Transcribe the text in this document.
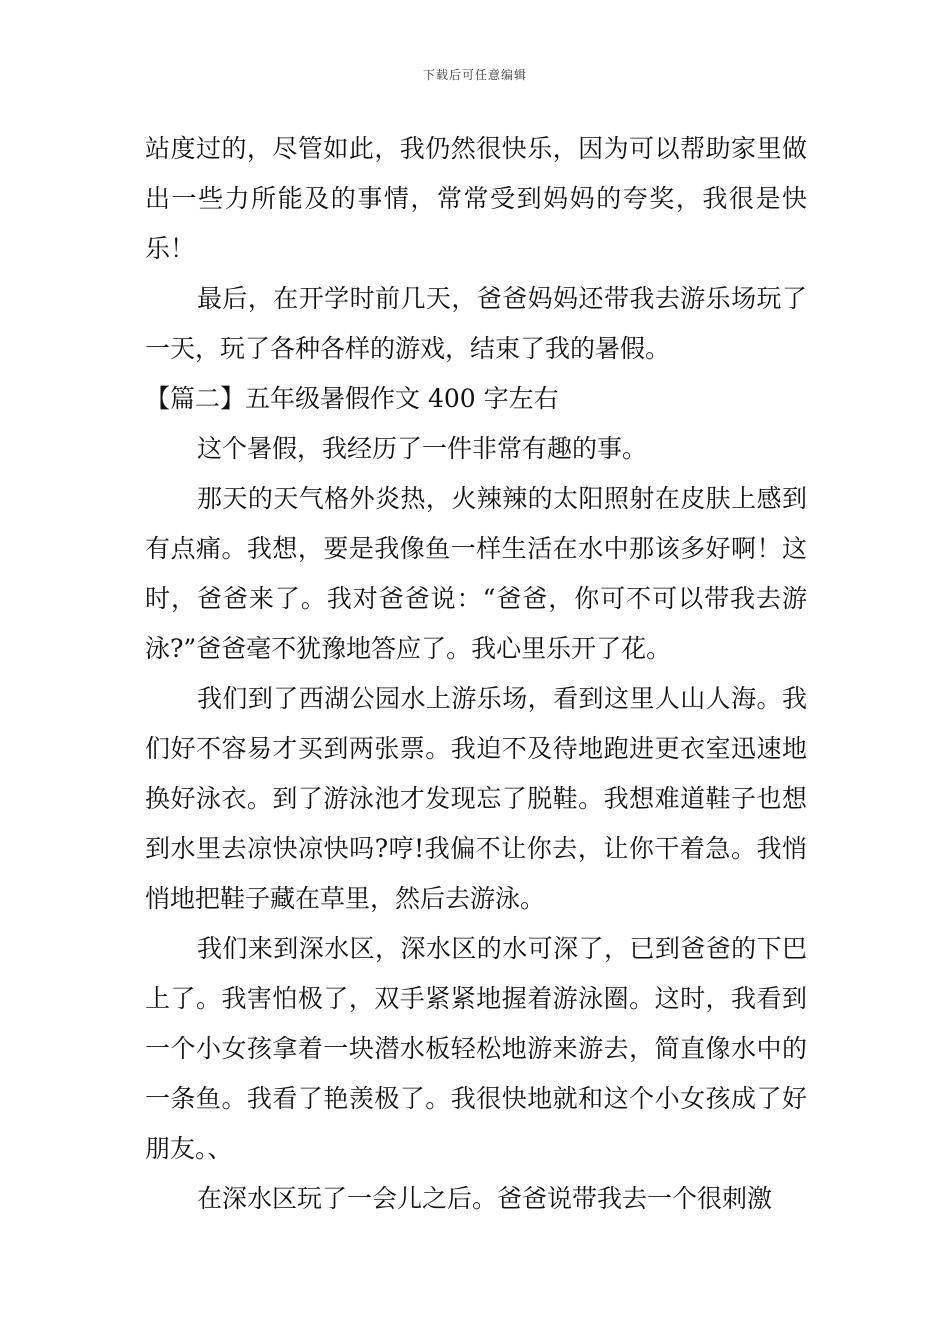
下载后可任意编辑

站度过的，尽管如此，我仍然很快乐，因为可以帮助家里做出一些力所能及的事情，常常受到妈妈的夸奖，我很是快乐！

最后，在开学时前几天，爸爸妈妈还带我去游乐场玩了一天，玩了各种各样的游戏，结束了我的暑假。

【篇二】五年级暑假作文 400 字左右

这个暑假，我经历了一件非常有趣的事。

那天的天气格外炎热，火辣辣的太阳照射在皮肤上感到有点痛。我想，要是我像鱼一样生活在水中那该多好啊！这时，爸爸来了。我对爸爸说：“爸爸，你可不可以带我去游泳?”爸爸毫不犹豫地答应了。我心里乐开了花。

我们到了西湖公园水上游乐场，看到这里人山人海。我们好不容易才买到两张票。我迫不及待地跑进更衣室迅速地换好泳衣。到了游泳池才发现忘了脱鞋。我想难道鞋子也想到水里去凉快凉快吗?哼!我偏不让你去，让你干着急。我悄悄地把鞋子藏在草里，然后去游泳。

我们来到深水区，深水区的水可深了，已到爸爸的下巴上了。我害怕极了，双手紧紧地握着游泳圈。这时，我看到一个小女孩拿着一块潜水板轻松地游来游去，简直像水中的一条鱼。我看了艳羡极了。我很快地就和这个小女孩成了好朋友。、

在深水区玩了一会儿之后。爸爸说带我去一个很刺激
